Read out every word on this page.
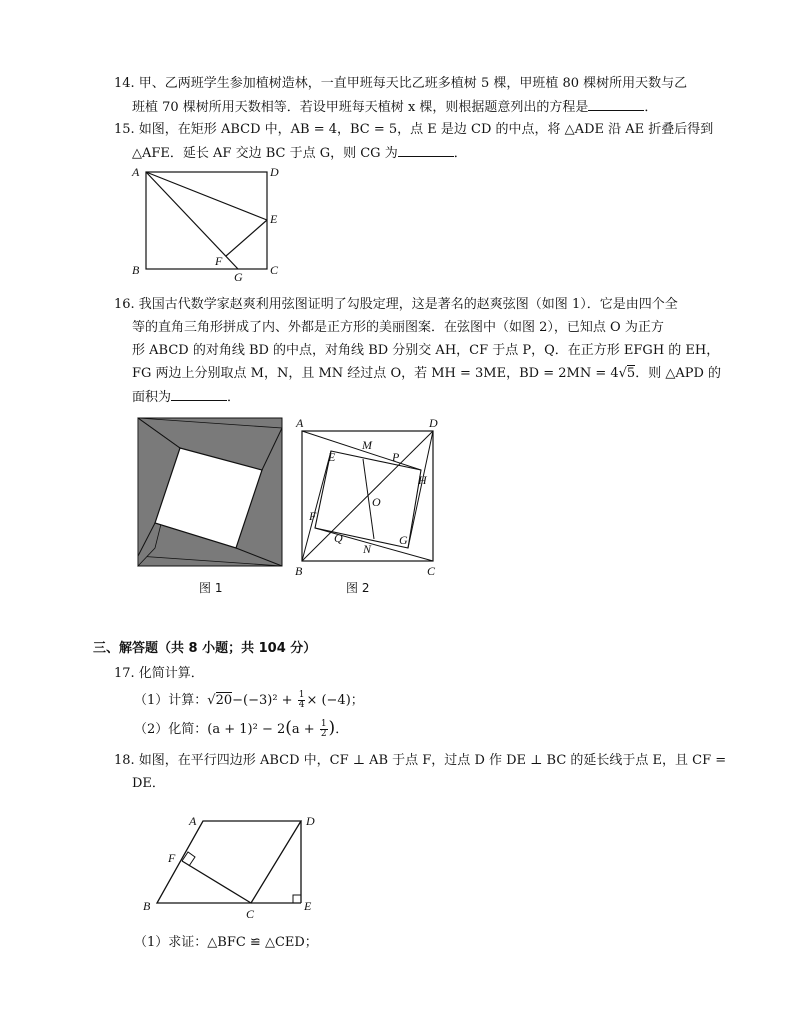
14. 甲、乙两班学生参加植树造林，一直甲班每天比乙班多植树 5 棵，甲班植 80 棵树所用天数与乙
班植 70 棵树所用天数相等．若设甲班每天植树 x 棵，则根据题意列出的方程是	．
15. 如图，在矩形 ABCD 中，AB = 4，BC = 5，点 E 是边 CD 的中点，将 △ADE 沿 AE 折叠后得到
△AFE．延长 AF 交边 BC 于点 G，则 CG 为	．
A	D
E
F
B	G C
16. 我国古代数学家赵爽利用弦图证明了勾股定理，这是著名的赵爽弦图（如图 1）．它是由四个全
等的直角三角形拼成了内、外都是正方形的美丽图案．在弦图中（如图 2），已知点 O 为正方
形 ABCD 的对角线 BD 的中点，对角线 BD 分别交 AH，CF 于点 P，Q．在正方形 EFGH 的 EH，
FG 两边上分别取点 M，N，且 MN 经过点 O，若 MH = 3ME，BD = 2MN = 4√5．则 △APD 的
面积为	．
图 1
A	D
M
E	P
H
O
F
Q
N
G
B	C
图 2
三、解答题（共 8 小题；共 104 分）
17. 化简计算．
（1）计算：$√20-(-3)^2 + \frac{1}{4} \times (-4)$；
（2）化简：$(a + 1)^2 - 2(a + \frac{1}{2}$ )．
18. 如图，在平行四边形 ABCD 中，CF ⊥ AB 于点 F，过点 D 作 DE ⊥ BC 的延长线于点 E，且 CF =
DE．
A	D
F
B
C
E
（1）求证：△BFC ≌ △CED；
